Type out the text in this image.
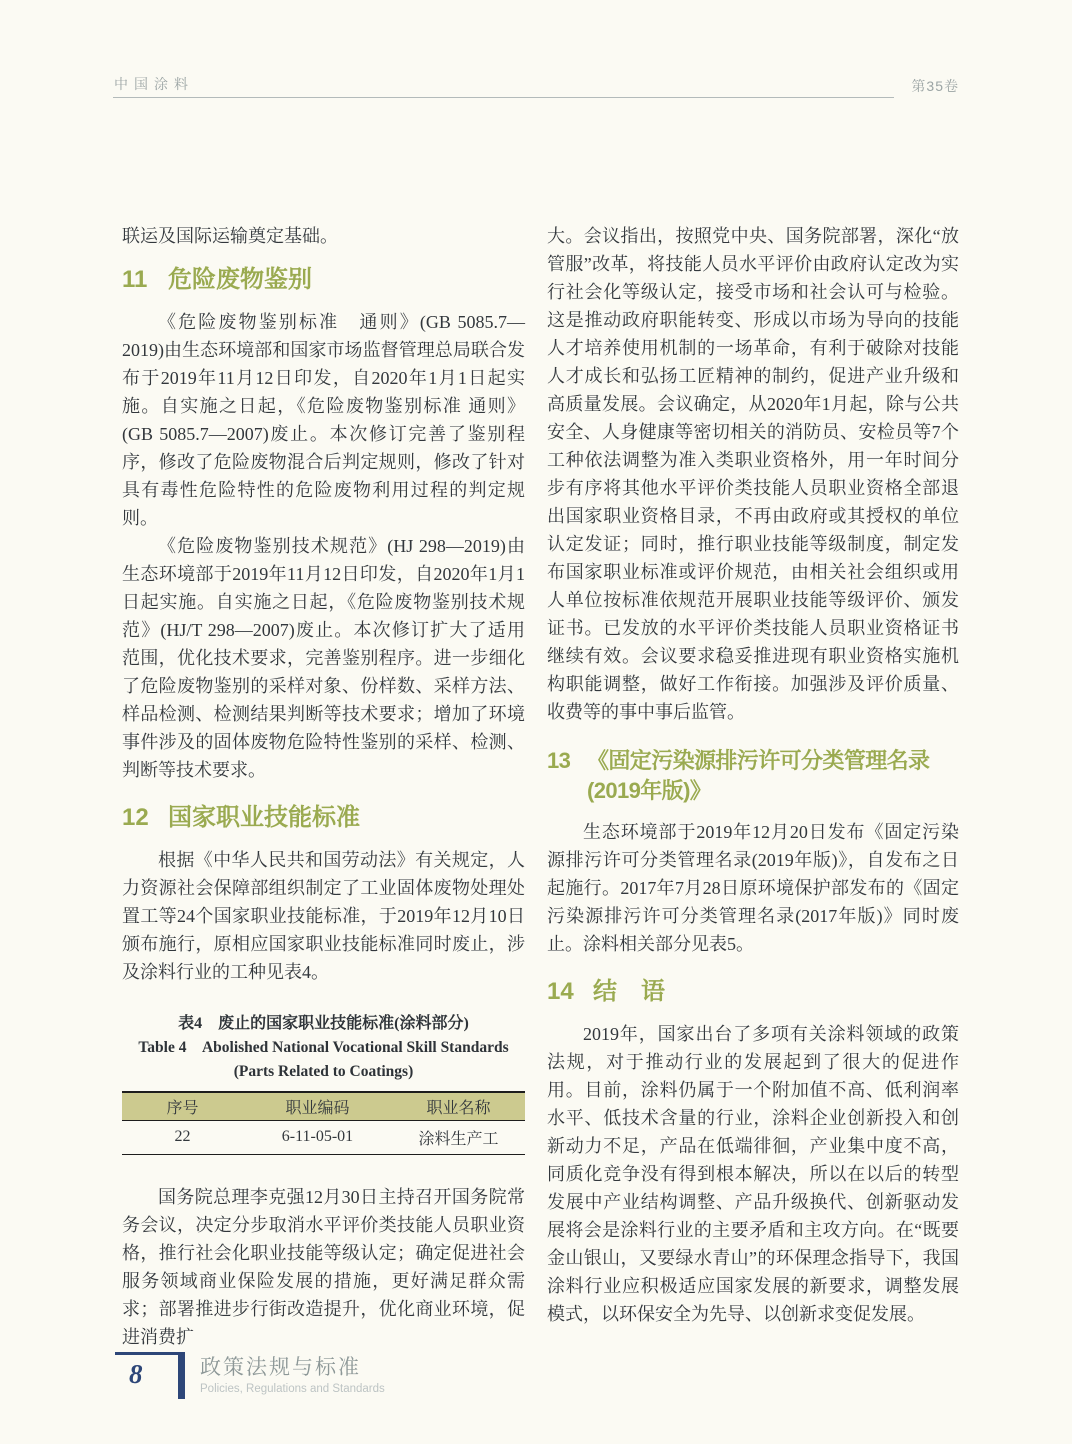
中国涂料	第35卷

联运及国际运输奠定基础。

11 危险废物鉴别

《危险废物鉴别标准　通则》(GB 5085.7—2019)由生态环境部和国家市场监督管理总局联合发布于2019年11月12日印发，自2020年1月1日起实施。自实施之日起，《危险废物鉴别标准 通则》(GB 5085.7—2007)废止。本次修订完善了鉴别程序，修改了危险废物混合后判定规则，修改了针对具有毒性危险特性的危险废物利用过程的判定规则。

《危险废物鉴别技术规范》(HJ 298—2019)由生态环境部于2019年11月12日印发，自2020年1月1日起实施。自实施之日起，《危险废物鉴别技术规范》(HJ/T 298—2007)废止。本次修订扩大了适用范围，优化技术要求，完善鉴别程序。进一步细化了危险废物鉴别的采样对象、份样数、采样方法、样品检测、检测结果判断等技术要求；增加了环境事件涉及的固体废物危险特性鉴别的采样、检测、判断等技术要求。

12 国家职业技能标准

根据《中华人民共和国劳动法》有关规定，人力资源社会保障部组织制定了工业固体废物处理处置工等24个国家职业技能标准，于2019年12月10日颁布施行，原相应国家职业技能标准同时废止，涉及涂料行业的工种见表4。

表4　废止的国家职业技能标准(涂料部分)
Table 4　Abolished National Vocational Skill Standards
(Parts Related to Coatings)
序号	职业编码	职业名称
22	6-11-05-01	涂料生产工

国务院总理李克强12月30日主持召开国务院常务会议，决定分步取消水平评价类技能人员职业资格，推行社会化职业技能等级认定；确定促进社会服务领域商业保险发展的措施，更好满足群众需求；部署推进步行街改造提升，优化商业环境，促进消费扩

大。会议指出，按照党中央、国务院部署，深化“放管服”改革，将技能人员水平评价由政府认定改为实行社会化等级认定，接受市场和社会认可与检验。这是推动政府职能转变、形成以市场为导向的技能人才培养使用机制的一场革命，有利于破除对技能人才成长和弘扬工匠精神的制约，促进产业升级和高质量发展。会议确定，从2020年1月起，除与公共安全、人身健康等密切相关的消防员、安检员等7个工种依法调整为准入类职业资格外，用一年时间分步有序将其他水平评价类技能人员职业资格全部退出国家职业资格目录，不再由政府或其授权的单位认定发证；同时，推行职业技能等级制度，制定发布国家职业标准或评价规范，由相关社会组织或用人单位按标准依规范开展职业技能等级评价、颁发证书。已发放的水平评价类技能人员职业资格证书继续有效。会议要求稳妥推进现有职业资格实施机构职能调整，做好工作衔接。加强涉及评价质量、收费等的事中事后监管。

13 《固定污染源排污许可分类管理名录(2019年版)》

生态环境部于2019年12月20日发布《固定污染源排污许可分类管理名录(2019年版)》，自发布之日起施行。2017年7月28日原环境保护部发布的《固定污染源排污许可分类管理名录(2017年版)》同时废止。涂料相关部分见表5。

14 结　语

2019年，国家出台了多项有关涂料领域的政策法规，对于推动行业的发展起到了很大的促进作用。目前，涂料仍属于一个附加值不高、低利润率水平、低技术含量的行业，涂料企业创新投入和创新动力不足，产品在低端徘徊，产业集中度不高，同质化竞争没有得到根本解决，所以在以后的转型发展中产业结构调整、产品升级换代、创新驱动发展将会是涂料行业的主要矛盾和主攻方向。在“既要金山银山，又要绿水青山”的环保理念指导下，我国涂料行业应积极适应国家发展的新要求，调整发展模式，以环保安全为先导、以创新求变促发展。

8	政策法规与标准
Policies, Regulations and Standards
